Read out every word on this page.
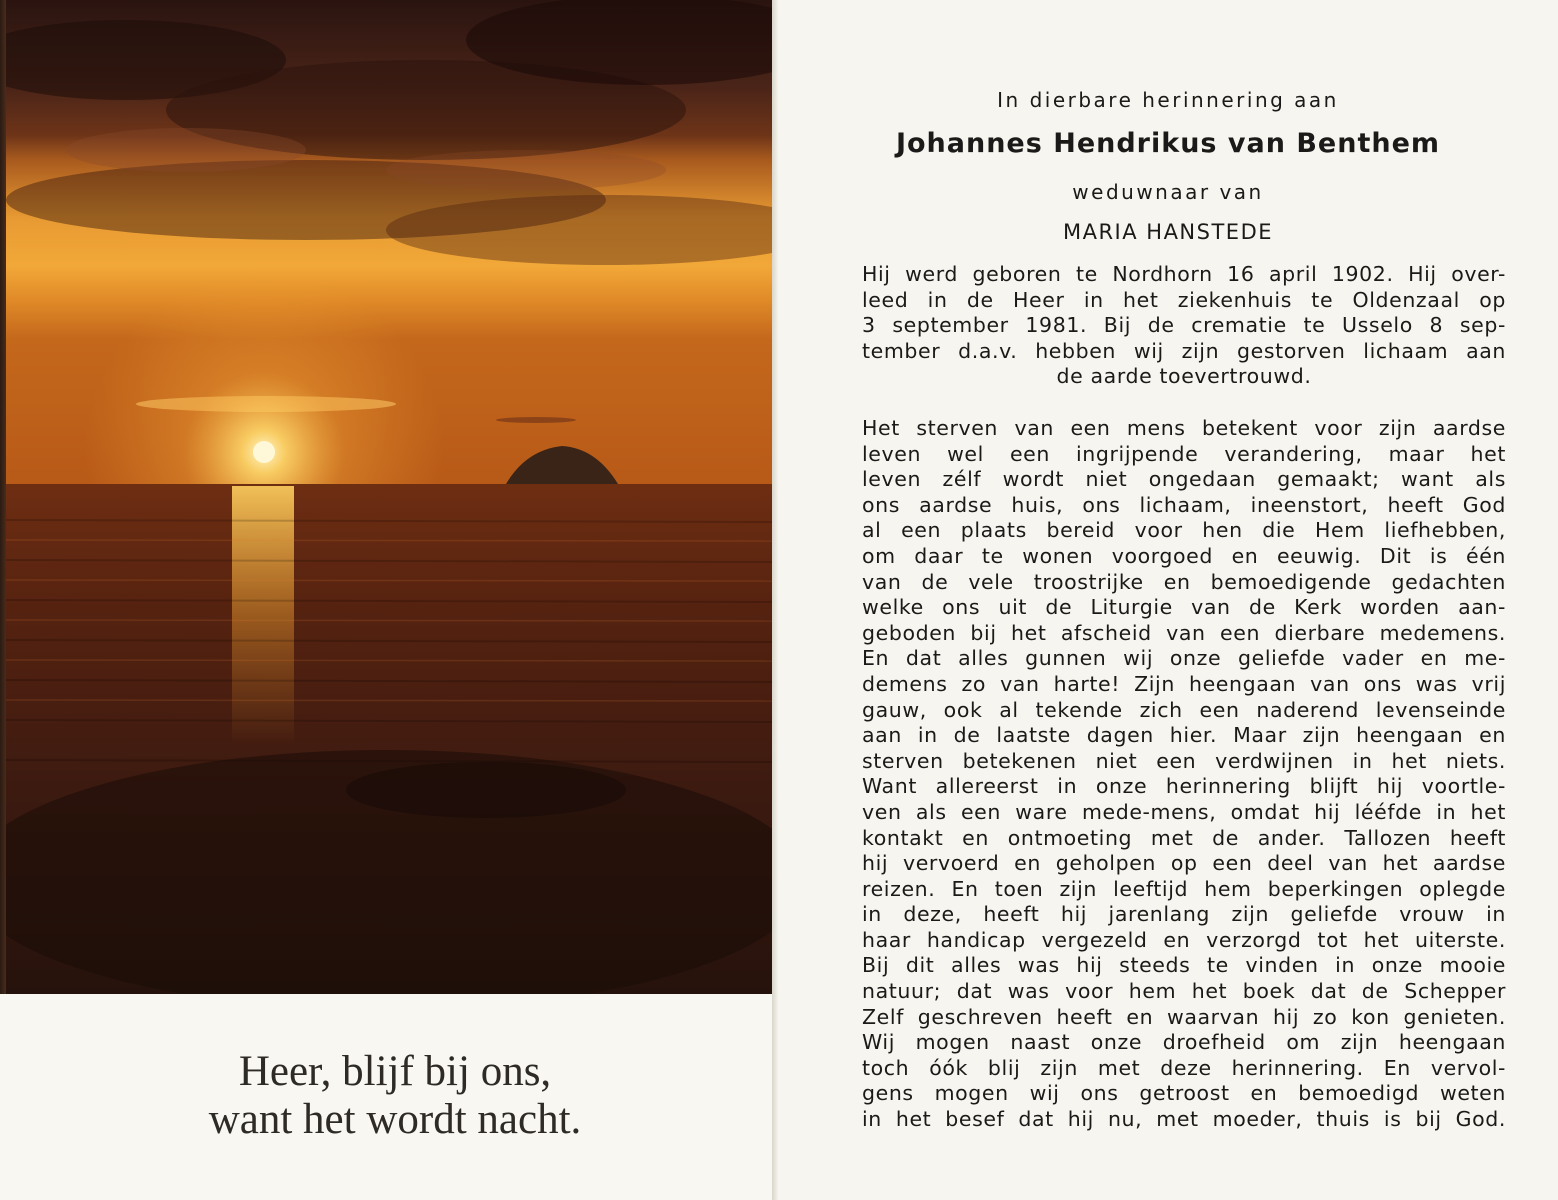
Heer, blijf bij ons,
want het wordt nacht.
In dierbare herinnering aan
Johannes Hendrikus van Benthem
weduwnaar van
MARIA HANSTEDE
Hij werd geboren te Nordhorn 16 april 1902. Hij over-
leed in de Heer in het ziekenhuis te Oldenzaal op
3 september 1981. Bij de crematie te Usselo 8 sep-
tember d.a.v. hebben wij zijn gestorven lichaam aan
de aarde toevertrouwd.
Het sterven van een mens betekent voor zijn aardse
leven wel een ingrijpende verandering, maar het
leven zélf wordt niet ongedaan gemaakt; want als
ons aardse huis, ons lichaam, ineenstort, heeft God
al een plaats bereid voor hen die Hem liefhebben,
om daar te wonen voorgoed en eeuwig. Dit is één
van de vele troostrijke en bemoedigende gedachten
welke ons uit de Liturgie van de Kerk worden aan-
geboden bij het afscheid van een dierbare medemens.
En dat alles gunnen wij onze geliefde vader en me-
demens zo van harte! Zijn heengaan van ons was vrij
gauw, ook al tekende zich een naderend levenseinde
aan in de laatste dagen hier. Maar zijn heengaan en
sterven betekenen niet een verdwijnen in het niets.
Want allereerst in onze herinnering blijft hij voortle-
ven als een ware mede-mens, omdat hij lééfde in het
kontakt en ontmoeting met de ander. Tallozen heeft
hij vervoerd en geholpen op een deel van het aardse
reizen. En toen zijn leeftijd hem beperkingen oplegde
in deze, heeft hij jarenlang zijn geliefde vrouw in
haar handicap vergezeld en verzorgd tot het uiterste.
Bij dit alles was hij steeds te vinden in onze mooie
natuur; dat was voor hem het boek dat de Schepper
Zelf geschreven heeft en waarvan hij zo kon genieten.
Wij mogen naast onze droefheid om zijn heengaan
toch óók blij zijn met deze herinnering. En vervol-
gens mogen wij ons getroost en bemoedigd weten
in het besef dat hij nu, met moeder, thuis is bij God.
